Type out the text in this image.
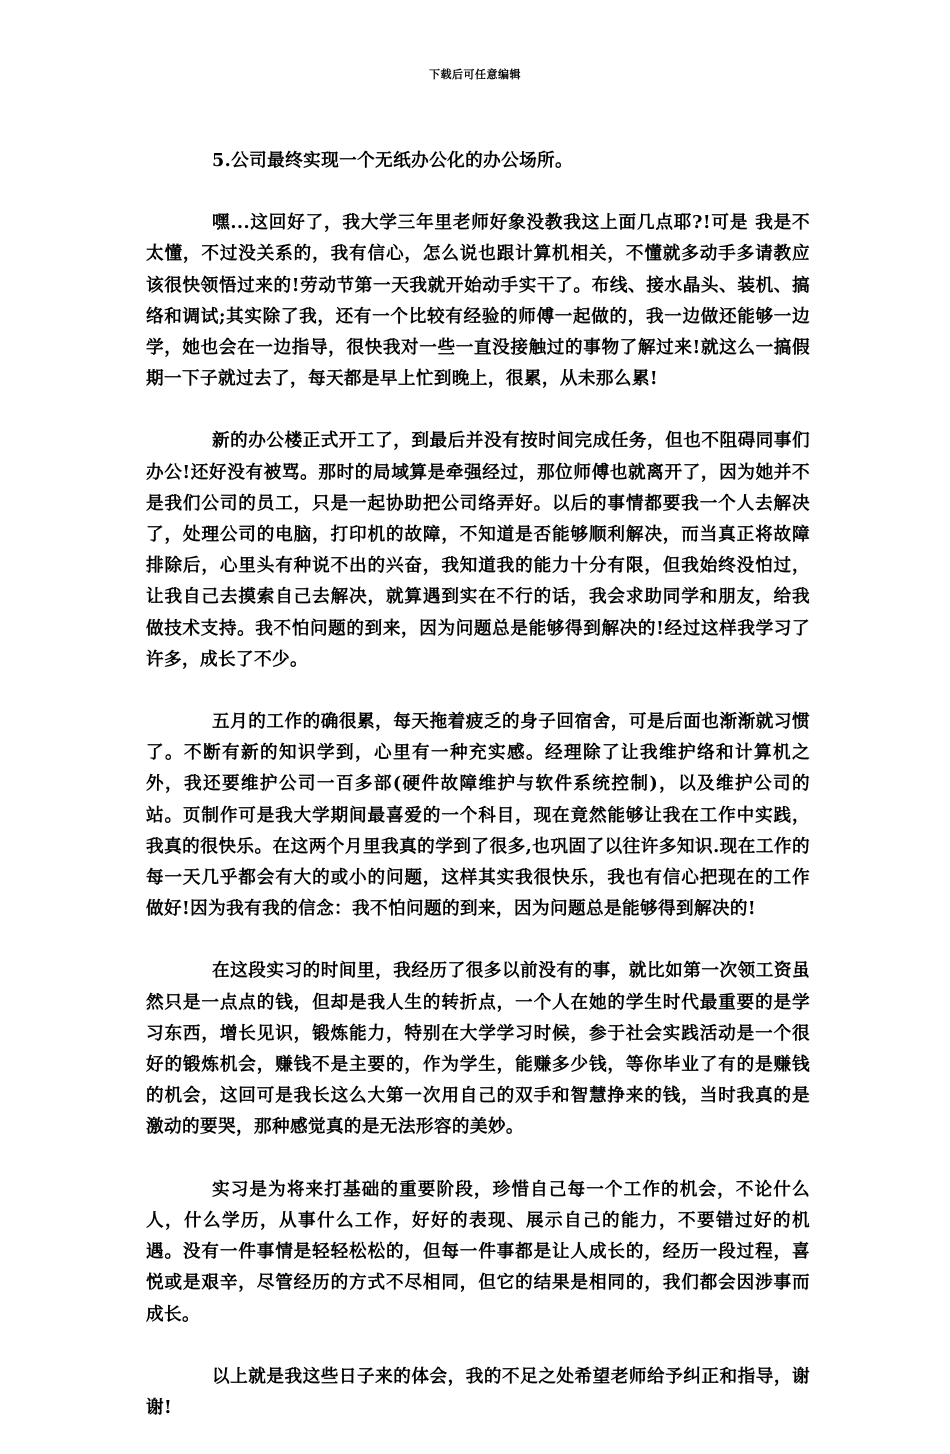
下载后可任意编辑

5.公司最终实现一个无纸办公化的办公场所。

嘿...这回好了，我大学三年里老师好象没教我这上面几点耶?!可是 我是不太懂，不过没关系的，我有信心，怎么说也跟计算机相关，不懂就多动手多请教应该很快领悟过来的!劳动节第一天我就开始动手实干了。布线、接水晶头、装机、搞络和调试;其实除了我，还有一个比较有经验的师傅一起做的，我一边做还能够一边学，她也会在一边指导，很快我对一些一直没接触过的事物了解过来!就这么一搞假期一下子就过去了，每天都是早上忙到晚上，很累，从未那么累!

新的办公楼正式开工了，到最后并没有按时间完成任务，但也不阻碍同事们办公!还好没有被骂。那时的局域算是牵强经过，那位师傅也就离开了，因为她并不是我们公司的员工，只是一起协助把公司络弄好。以后的事情都要我一个人去解决了，处理公司的电脑，打印机的故障，不知道是否能够顺利解决，而当真正将故障排除后，心里头有种说不出的兴奋，我知道我的能力十分有限，但我始终没怕过，让我自己去摸索自己去解决，就算遇到实在不行的话，我会求助同学和朋友，给我做技术支持。我不怕问题的到来，因为问题总是能够得到解决的!经过这样我学习了许多，成长了不少。

五月的工作的确很累，每天拖着疲乏的身子回宿舍，可是后面也渐渐就习惯了。不断有新的知识学到，心里有一种充实感。经理除了让我维护络和计算机之外，我还要维护公司一百多部(硬件故障维护与软件系统控制)，以及维护公司的站。页制作可是我大学期间最喜爱的一个科目，现在竟然能够让我在工作中实践，我真的很快乐。在这两个月里我真的学到了很多,也巩固了以往许多知识.现在工作的每一天几乎都会有大的或小的问题，这样其实我很快乐，我也有信心把现在的工作做好!因为我有我的信念：我不怕问题的到来，因为问题总是能够得到解决的!

在这段实习的时间里，我经历了很多以前没有的事，就比如第一次领工资虽然只是一点点的钱，但却是我人生的转折点，一个人在她的学生时代最重要的是学习东西，增长见识，锻炼能力，特别在大学学习时候，参于社会实践活动是一个很好的锻炼机会，赚钱不是主要的，作为学生，能赚多少钱，等你毕业了有的是赚钱的机会，这回可是我长这么大第一次用自己的双手和智慧挣来的钱，当时我真的是激动的要哭，那种感觉真的是无法形容的美妙。

实习是为将来打基础的重要阶段，珍惜自己每一个工作的机会，不论什么人，什么学历，从事什么工作，好好的表现、展示自己的能力，不要错过好的机遇。没有一件事情是轻轻松松的，但每一件事都是让人成长的，经历一段过程，喜悦或是艰辛，尽管经历的方式不尽相同，但它的结果是相同的，我们都会因涉事而成长。

以上就是我这些日子来的体会，我的不足之处希望老师给予纠正和指导，谢谢!
